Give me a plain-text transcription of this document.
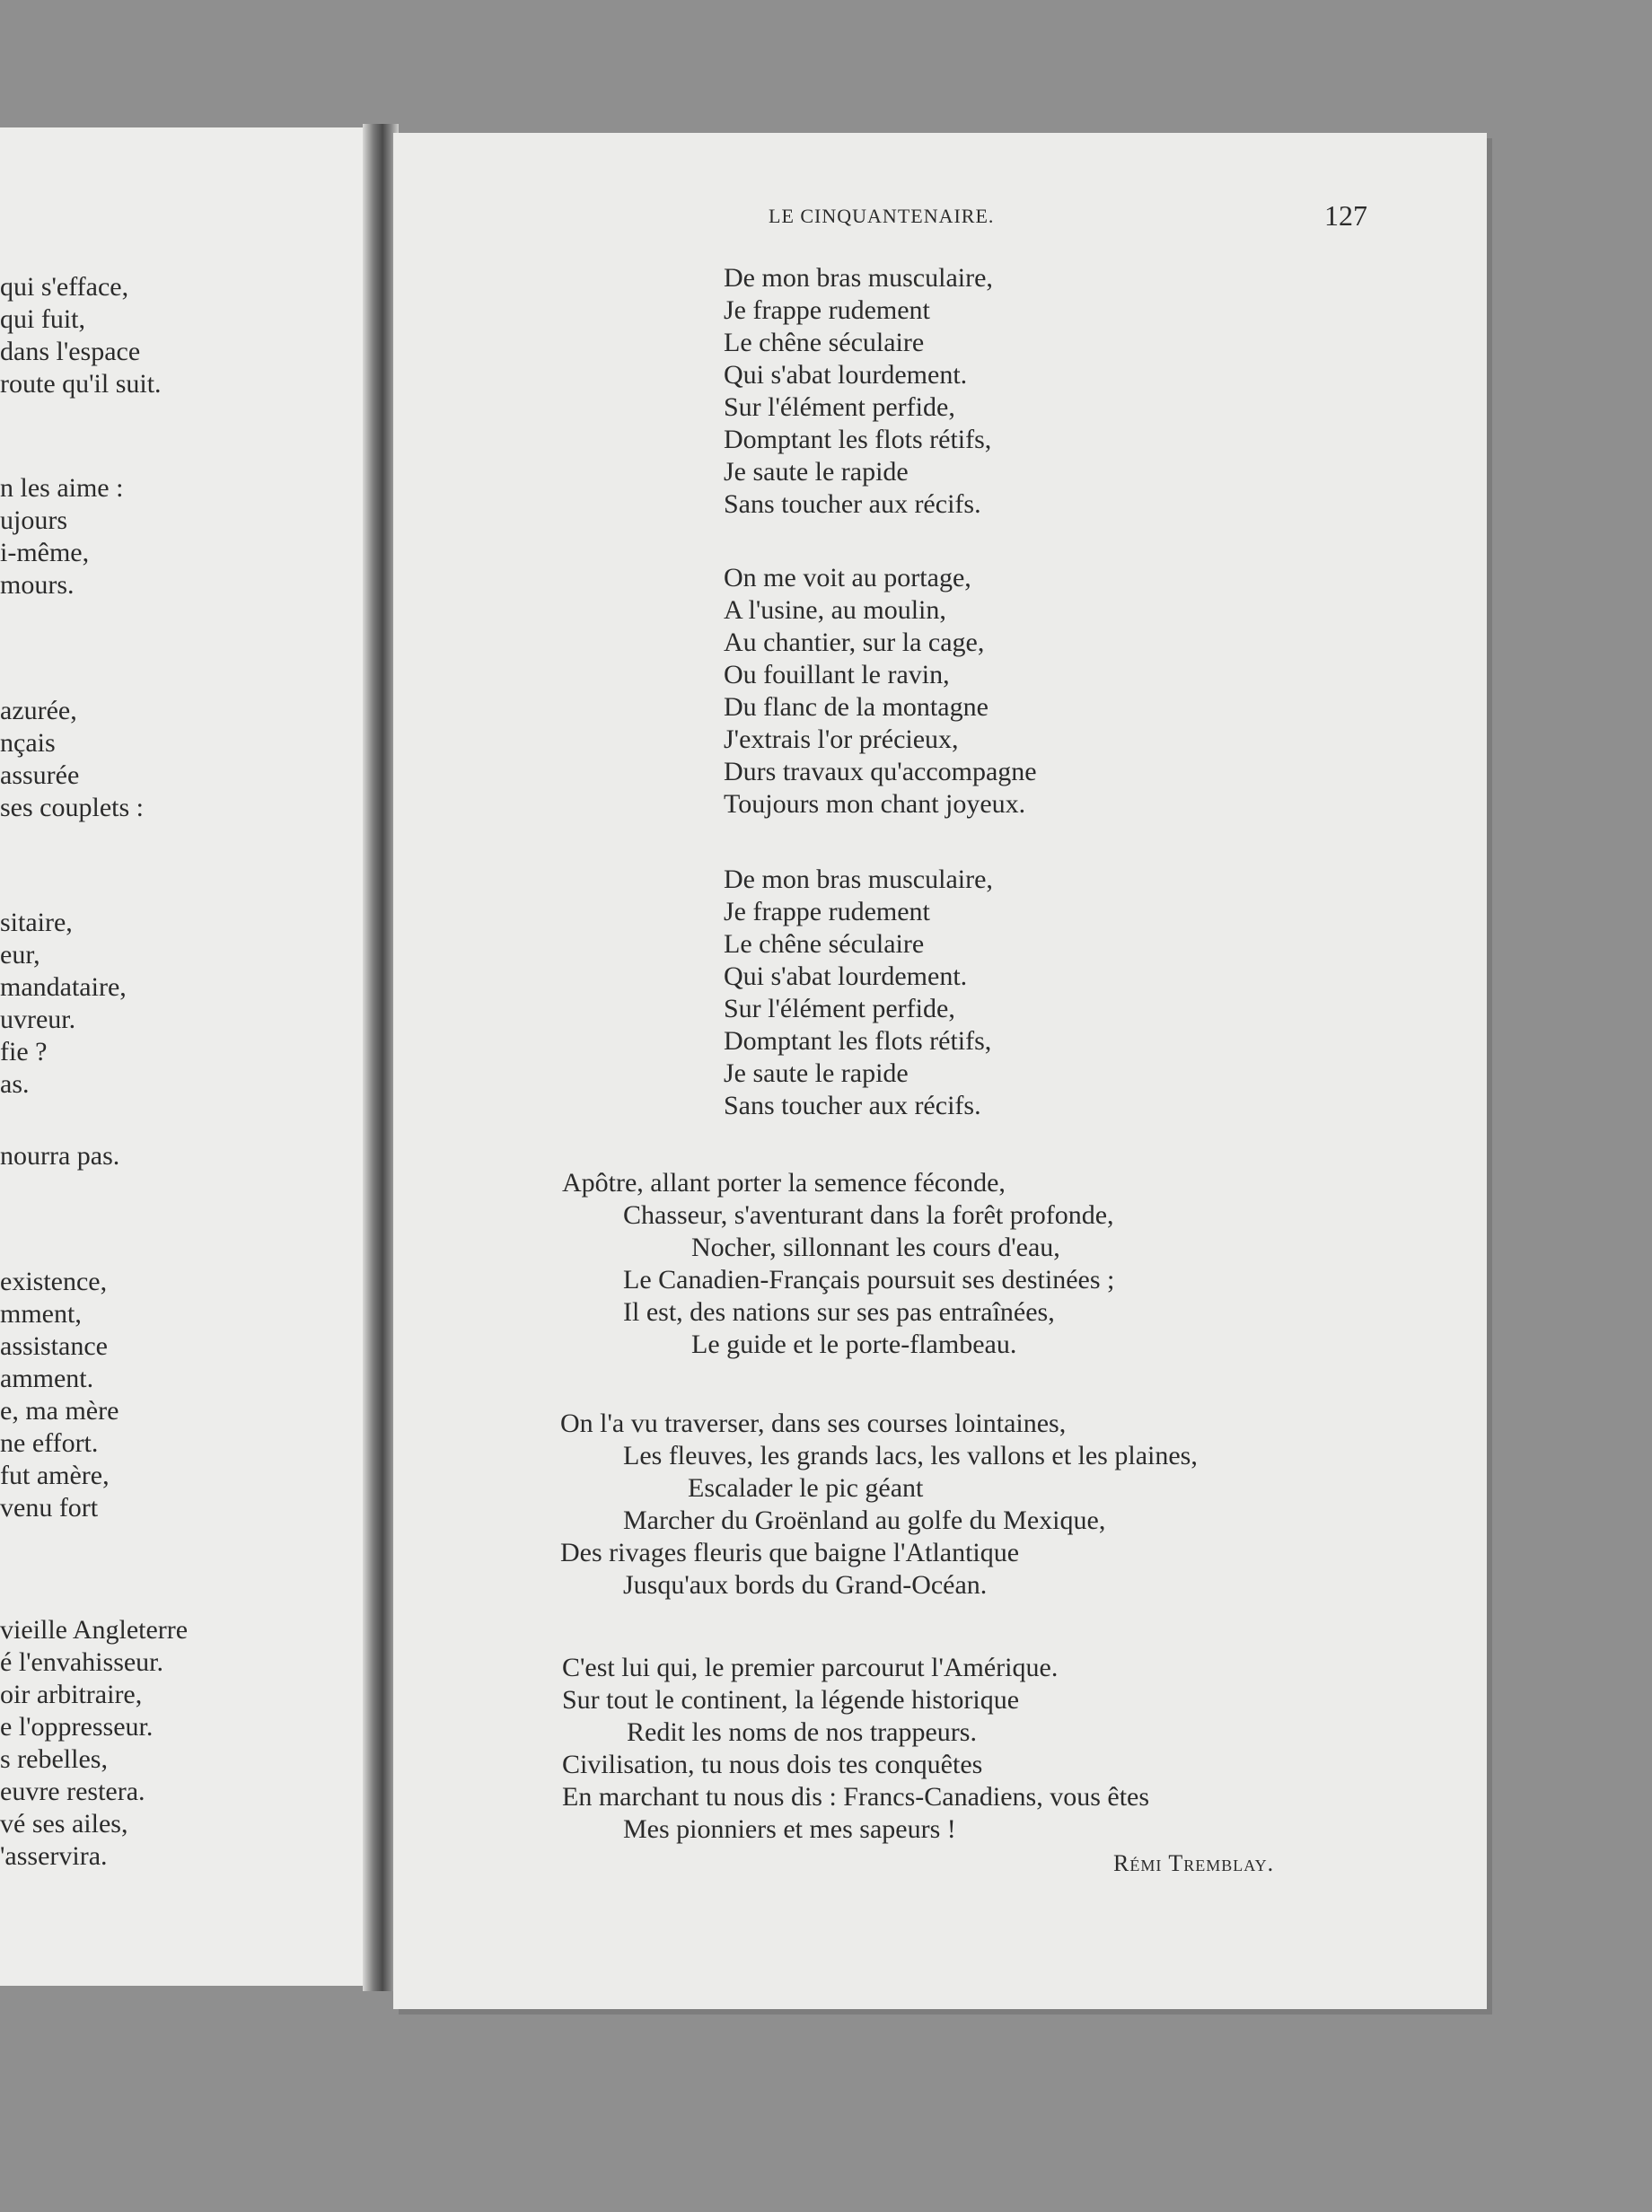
qui s'efface,
qui fuit,
dans l'espace
route qu'il suit.
n les aime :
ujours
i-même,
mours.
azurée,
nçais
assurée
ses couplets :
sitaire,
eur,
mandataire,
uvreur.
fie ?
as.
nourra pas.
existence,
mment,
assistance
amment.
e, ma mère
ne effort.
fut amère,
venu fort
vieille Angleterre
é l'envahisseur.
oir arbitraire,
e l'oppresseur.
s rebelles,
euvre restera.
vé ses ailes,
'asservira.
LE CINQUANTENAIRE.	127
De mon bras musculaire,
Je frappe rudement
Le chêne séculaire
Qui s'abat lourdement.
Sur l'élément perfide,
Domptant les flots rétifs,
Je saute le rapide
Sans toucher aux récifs.
On me voit au portage,
A l'usine, au moulin,
Au chantier, sur la cage,
Ou fouillant le ravin,
Du flanc de la montagne
J'extrais l'or précieux,
Durs travaux qu'accompagne
Toujours mon chant joyeux.
De mon bras musculaire,
Je frappe rudement
Le chêne séculaire
Qui s'abat lourdement.
Sur l'élément perfide,
Domptant les flots rétifs,
Je saute le rapide
Sans toucher aux récifs.
Apôtre, allant porter la semence féconde,
Chasseur, s'aventurant dans la forêt profonde,
Nocher, sillonnant les cours d'eau,
Le Canadien-Français poursuit ses destinées ;
Il est, des nations sur ses pas entraînées,
Le guide et le porte-flambeau.
On l'a vu traverser, dans ses courses lointaines,
Les fleuves, les grands lacs, les vallons et les plaines,
Escalader le pic géant
Marcher du Groënland au golfe du Mexique,
Des rivages fleuris que baigne l'Atlantique
Jusqu'aux bords du Grand-Océan.
C'est lui qui, le premier parcourut l'Amérique.
Sur tout le continent, la légende historique
Redit les noms de nos trappeurs.
Civilisation, tu nous dois tes conquêtes
En marchant tu nous dis : Francs-Canadiens, vous êtes
Mes pionniers et mes sapeurs !
Rémi Tremblay.
